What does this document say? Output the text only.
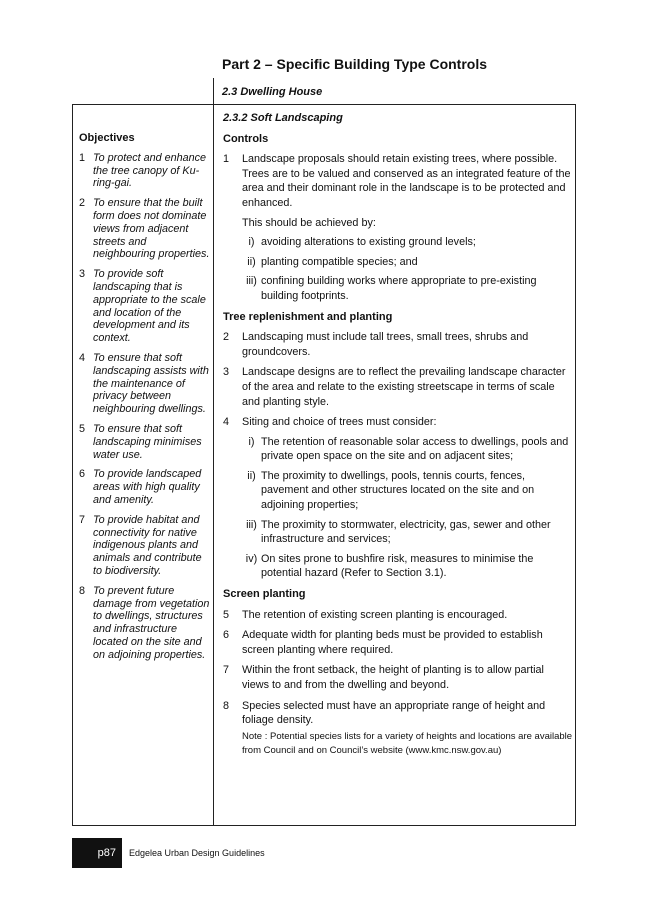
Part 2 – Specific Building Type Controls
2.3 Dwelling House
Objectives
1 To protect and enhance the tree canopy of Ku-ring-gai.
2 To ensure that the built form does not dominate views from adjacent streets and neighbouring properties.
3 To provide soft landscaping that is appropriate to the scale and location of the development and its context.
4 To ensure that soft landscaping assists with the maintenance of privacy between neighbouring dwellings.
5 To ensure that soft landscaping minimises water use.
6 To provide landscaped areas with high quality and amenity.
7 To provide habitat and connectivity for native indigenous plants and animals and contribute to biodiversity.
8 To prevent future damage from vegetation to dwellings, structures and infrastructure located on the site and on adjoining properties.
2.3.2 Soft Landscaping
Controls
1	Landscape proposals should retain existing trees, where possible. Trees are to be valued and conserved as an integrated feature of the area and their dominant role in the landscape is to be protected and enhanced.
This should be achieved by:
i) avoiding alterations to existing ground levels;
ii) planting compatible species; and
iii) confining building works where appropriate to pre-existing building footprints.
Tree replenishment and planting
2	Landscaping must include tall trees, small trees, shrubs and groundcovers.
3	Landscape designs are to reflect the prevailing landscape character of the area and relate to the existing streetscape in terms of scale and planting style.
4	Siting and choice of trees must consider:
i) The retention of reasonable solar access to dwellings, pools and private open space on the site and on adjacent sites;
ii) The proximity to dwellings, pools, tennis courts, fences, pavement and other structures located on the site and on adjoining properties;
iii) The proximity to stormwater, electricity, gas, sewer and other infrastructure and services;
iv) On sites prone to bushfire risk, measures to minimise the potential hazard (Refer to Section 3.1).
Screen planting
5	The retention of existing screen planting is encouraged.
6	Adequate width for planting beds must be provided to establish screen planting where required.
7	Within the front setback, the height of planting is to allow partial views to and from the dwelling and beyond.
8	Species selected must have an appropriate range of height and foliage density.
Note : Potential species lists for a variety of heights and locations are available from Council and on Council’s website (www.kmc.nsw.gov.au)
p87	Edgelea Urban Design Guidelines
